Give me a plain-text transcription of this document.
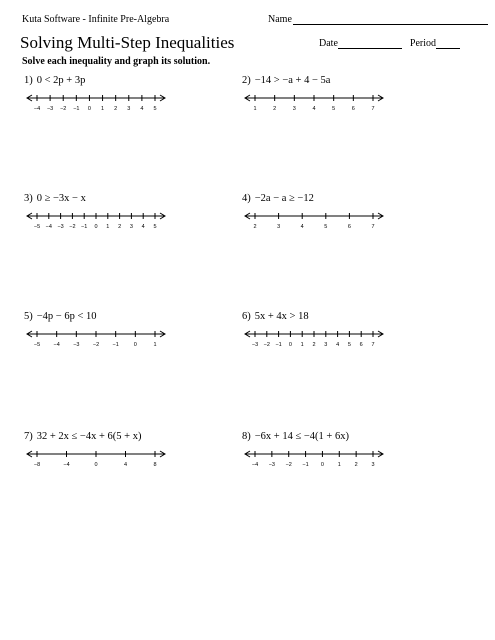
Kuta Software - Infinite Pre-Algebra	Name
Solving Multi-Step Inequalities	Date	Period
Solve each inequality and graph its solution.
1) 0 < 2p + 3p
−4 −3 −2 −1 0 1 2 3 4 5
2) −14 > −a + 4 − 5a
1	2	3	4	5	6	7
3) 0 ≥ −3x − x
−5 −4 −3 −2 −1 0 1 2 3 4 5
4) −2a − a ≥ −12
2	3	4	5	6	7
5) −4p − 6p < 10
−5 −4 −3 −2 −1	0	1
6) 5x + 4x > 18
−3 −2 −1 0 1 2 3 4 5 6 7
7) 32 + 2x ≤ −4x + 6(5 + x)
−8	−4	0	4	8
8) −6x + 14 ≤ −4(1 + 6x)
−4 −3 −2 −1 0	1	2	3
